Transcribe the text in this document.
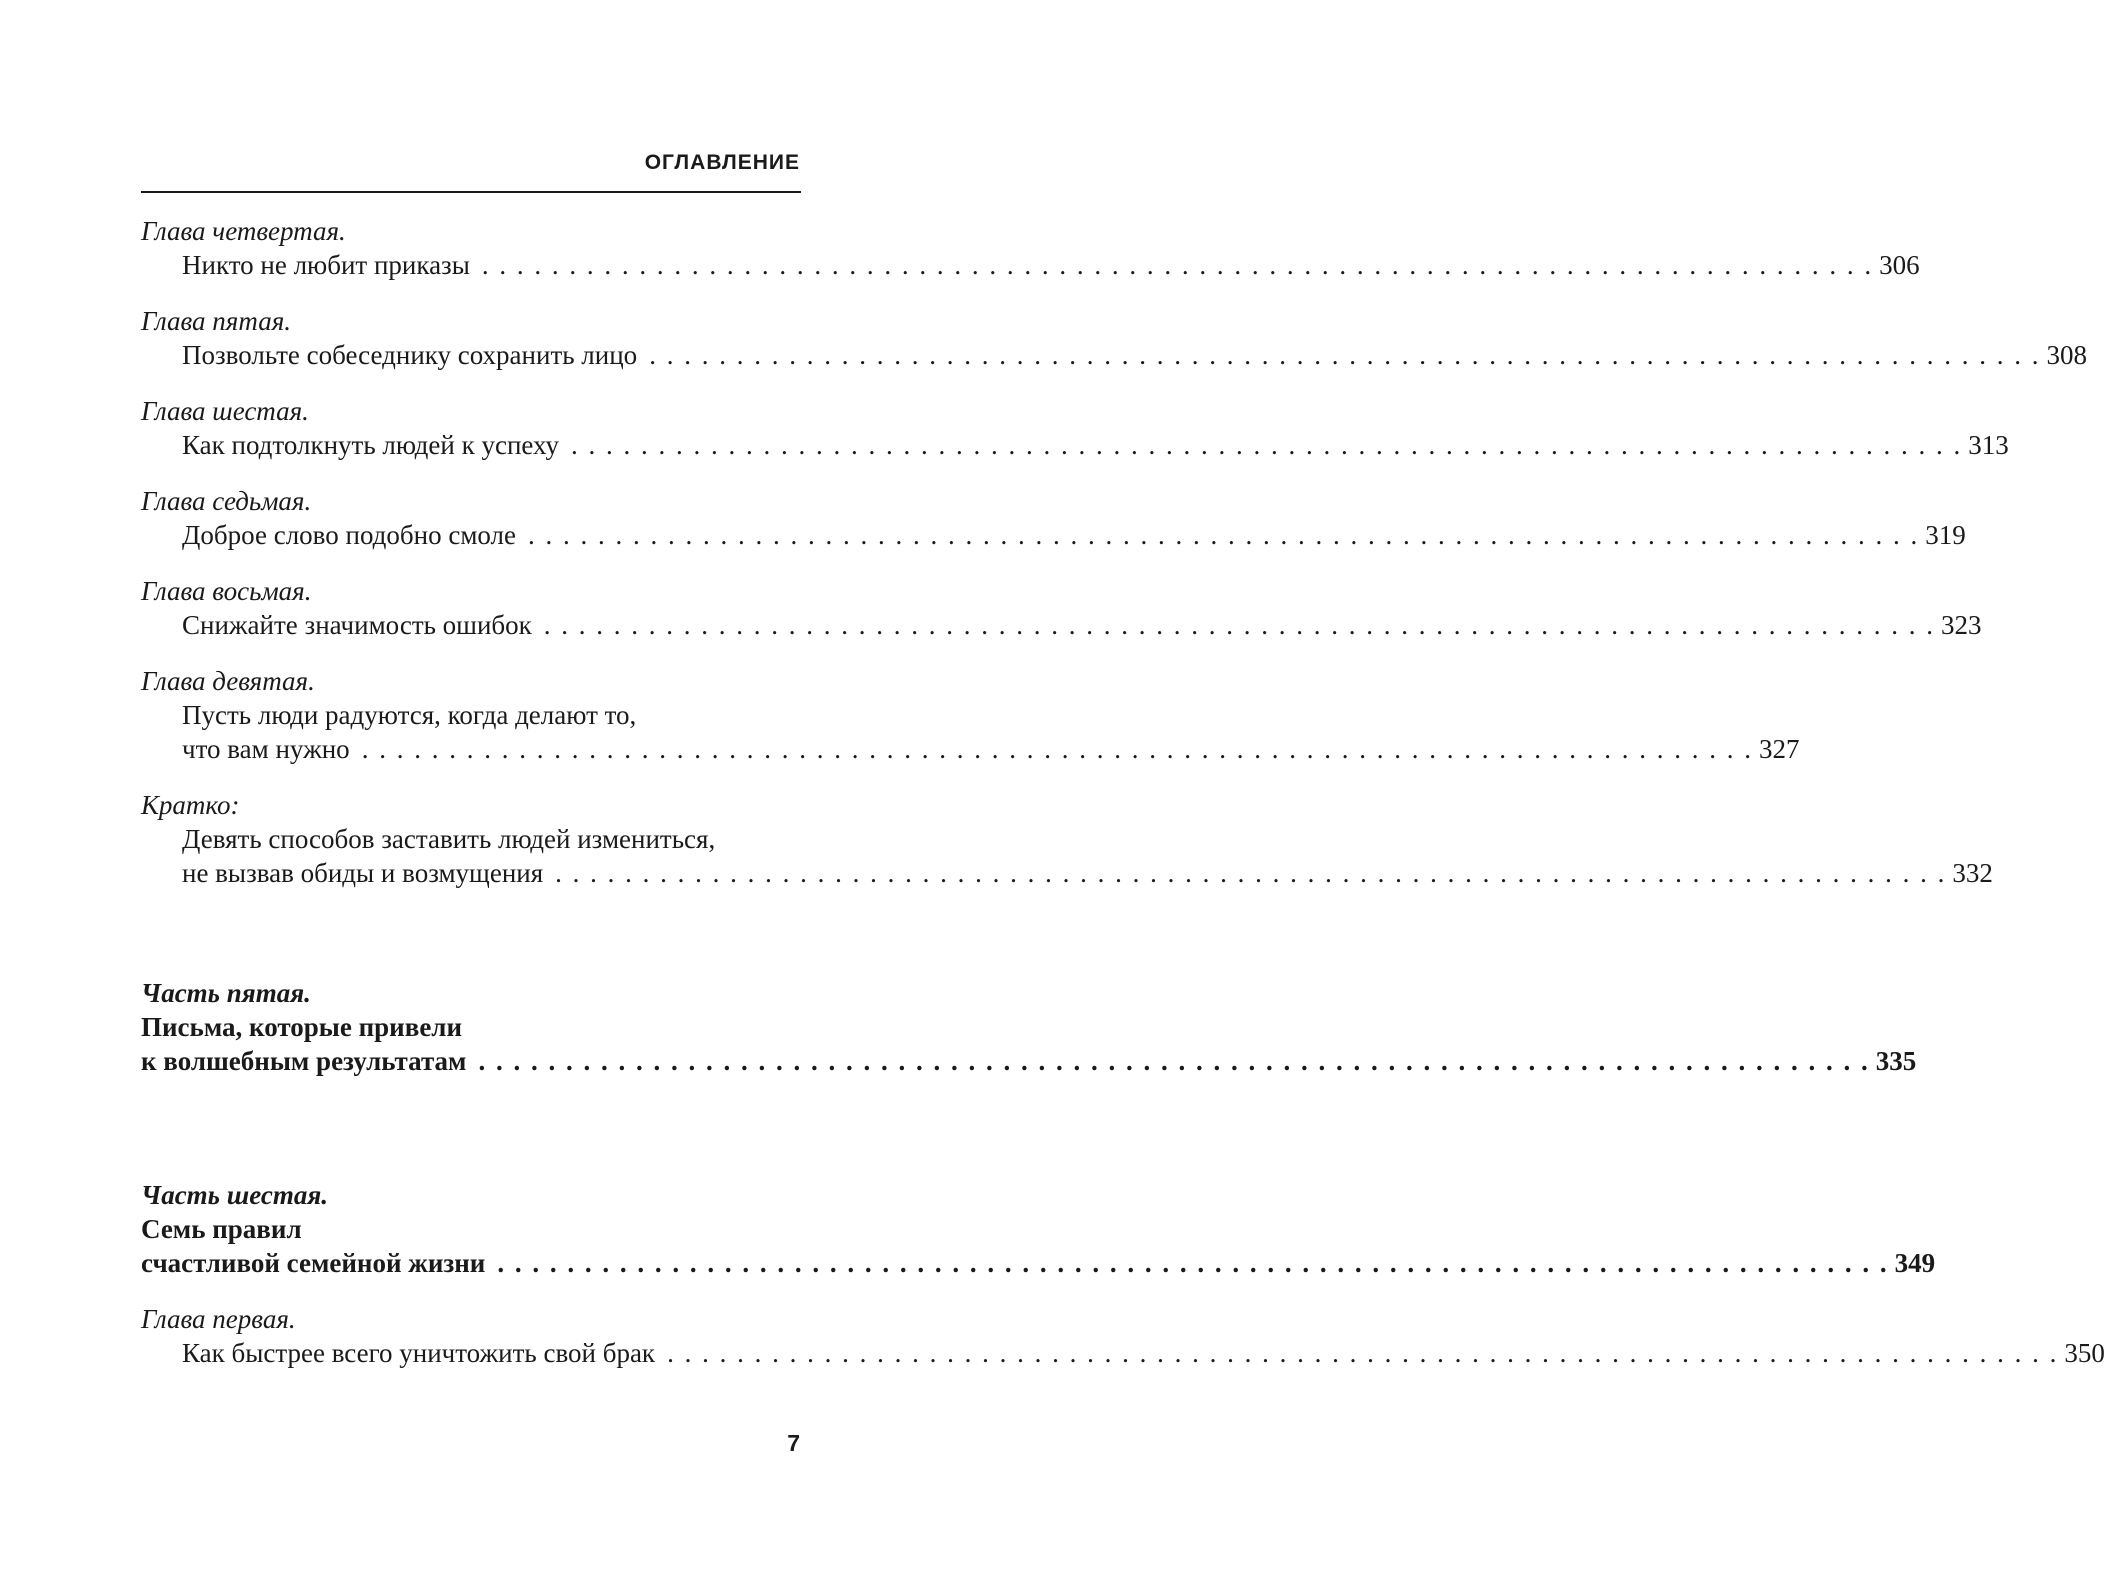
ОГЛАВЛЕНИЕ
Глава четвертая.
Никто не любит приказы . . . . . . . . . . . . . . . . . . . . . . . . . . . . . . . . . . . . . . . . . . . . . . . . . . . . . . . . . . . . . . . . . . . . . . . . . . . . . . . . 306
Глава пятая.
Позвольте собеседнику сохранить лицо . . . . . . . . . . . . . . . . . . . . . . . . . . . . . . . . . . . . . . . . . . . . . . . . . . . . . . . . . . . . . . . . . . . . . . . . . . . . . . . . 308
Глава шестая.
Как подтолкнуть людей к успеху . . . . . . . . . . . . . . . . . . . . . . . . . . . . . . . . . . . . . . . . . . . . . . . . . . . . . . . . . . . . . . . . . . . . . . . . . . . . . . . . 313
Глава седьмая.
Доброе слово подобно смоле . . . . . . . . . . . . . . . . . . . . . . . . . . . . . . . . . . . . . . . . . . . . . . . . . . . . . . . . . . . . . . . . . . . . . . . . . . . . . . . . 319
Глава восьмая.
Снижайте значимость ошибок . . . . . . . . . . . . . . . . . . . . . . . . . . . . . . . . . . . . . . . . . . . . . . . . . . . . . . . . . . . . . . . . . . . . . . . . . . . . . . . . 323
Глава девятая.
Пусть люди радуются, когда делают то,
что вам нужно . . . . . . . . . . . . . . . . . . . . . . . . . . . . . . . . . . . . . . . . . . . . . . . . . . . . . . . . . . . . . . . . . . . . . . . . . . . . . . . . 327
Кратко:
Девять способов заставить людей измениться,
не вызвав обиды и возмущения . . . . . . . . . . . . . . . . . . . . . . . . . . . . . . . . . . . . . . . . . . . . . . . . . . . . . . . . . . . . . . . . . . . . . . . . . . . . . . . . 332
Часть пятая.
Письма, которые привели
к волшебным результатам . . . . . . . . . . . . . . . . . . . . . . . . . . . . . . . . . . . . . . . . . . . . . . . . . . . . . . . . . . . . . . . . . . . . . . . . . . . . . . . . 335
Часть шестая.
Семь правил
счастливой семейной жизни . . . . . . . . . . . . . . . . . . . . . . . . . . . . . . . . . . . . . . . . . . . . . . . . . . . . . . . . . . . . . . . . . . . . . . . . . . . . . . . . 349
Глава первая.
Как быстрее всего уничтожить свой брак . . . . . . . . . . . . . . . . . . . . . . . . . . . . . . . . . . . . . . . . . . . . . . . . . . . . . . . . . . . . . . . . . . . . . . . . . . . . . . . . 350
7
